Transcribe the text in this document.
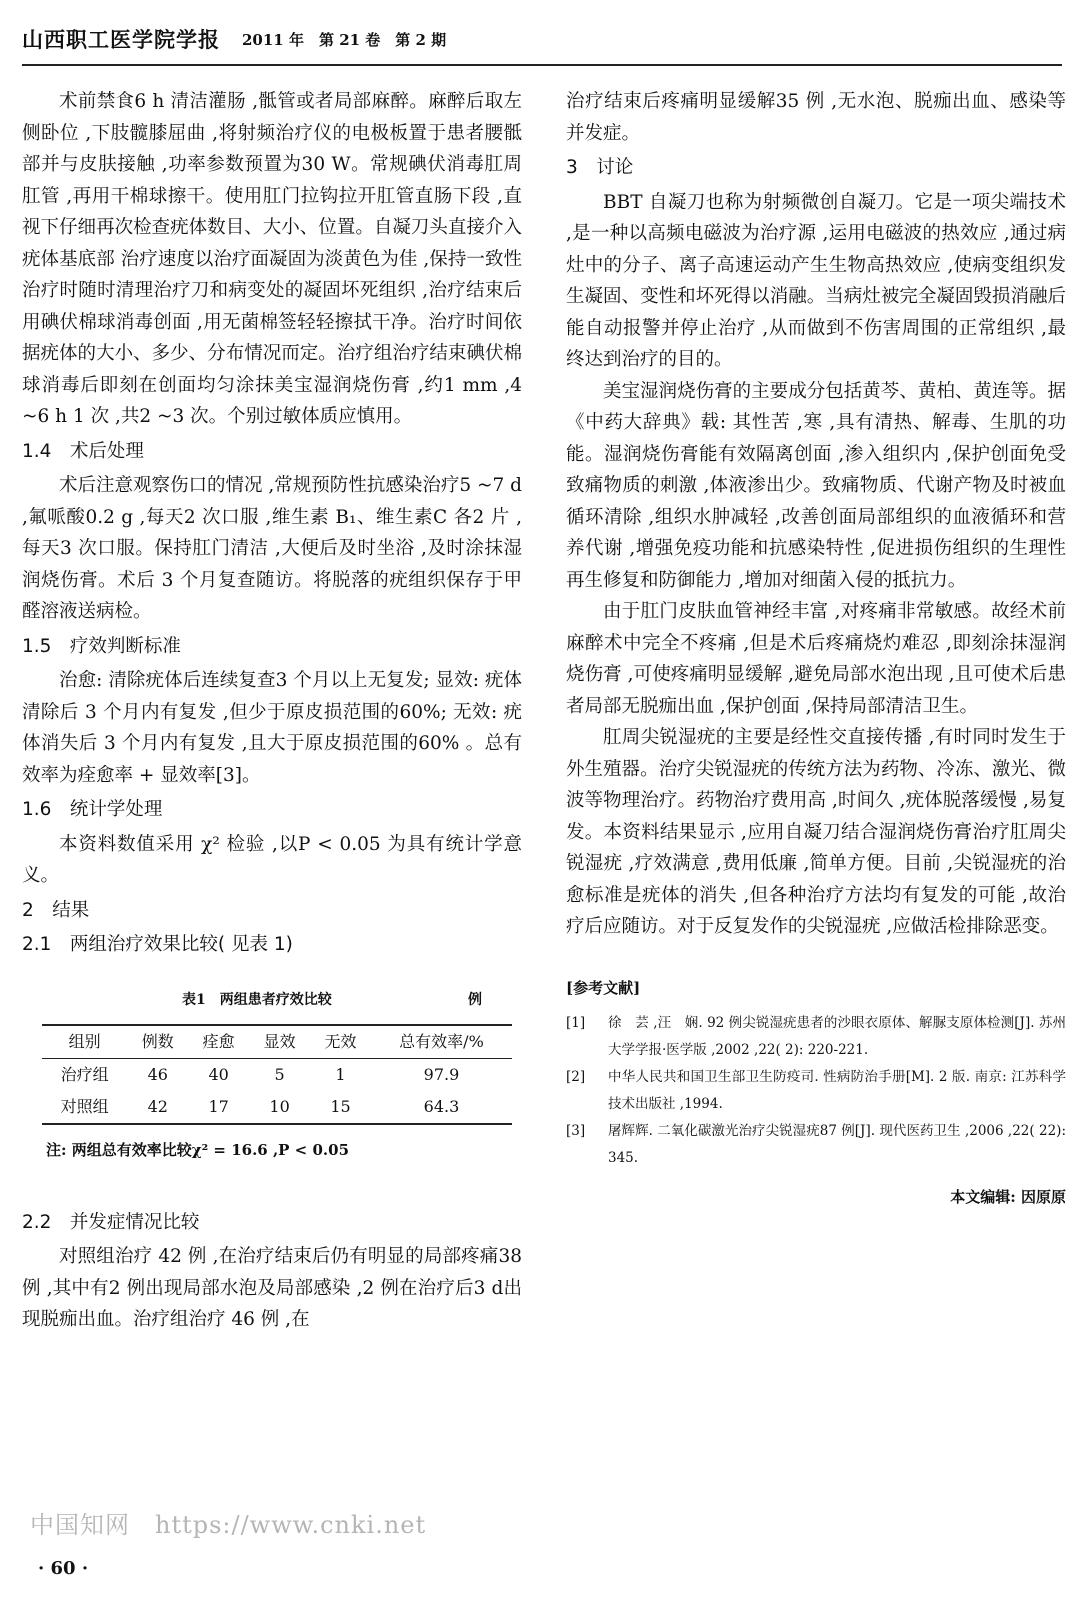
山西职工医学院学报 2011 年　第 21 卷　第 2 期

术前禁食6 h 清洁灌肠 ,骶管或者局部麻醉。麻醉后取左侧卧位 ,下肢髋膝屈曲 ,将射频治疗仪的电极板置于患者腰骶部并与皮肤接触 ,功率参数预置为30 W。常规碘伏消毒肛周肛管 ,再用干棉球擦干。使用肛门拉钩拉开肛管直肠下段 ,直视下仔细再次检查疣体数目、大小、位置。自凝刀头直接介入疣体基底部 治疗速度以治疗面凝固为淡黄色为佳 ,保持一致性 治疗时随时清理治疗刀和病变处的凝固坏死组织 ,治疗结束后用碘伏棉球消毒创面 ,用无菌棉签轻轻擦拭干净。治疗时间依据疣体的大小、多少、分布情况而定。治疗组治疗结束碘伏棉球消毒后即刻在创面均匀涂抹美宝湿润烧伤膏 ,约1 mm ,4 ~6 h 1 次 ,共2 ~3 次。个别过敏体质应慎用。

1.4　术后处理

术后注意观察伤口的情况 ,常规预防性抗感染治疗5 ~7 d ,氟哌酸0.2 g ,每天2 次口服 ,维生素 B₁、维生素C 各2 片 ,每天3 次口服。保持肛门清洁 ,大便后及时坐浴 ,及时涂抹湿润烧伤膏。术后 3 个月复查随访。将脱落的疣组织保存于甲醛溶液送病检。

1.5　疗效判断标准

治愈: 清除疣体后连续复查3 个月以上无复发; 显效: 疣体清除后 3 个月内有复发 ,但少于原皮损范围的60%; 无效: 疣体消失后 3 个月内有复发 ,且大于原皮损范围的60% 。总有效率为痊愈率 + 显效率[3]。

1.6　统计学处理

本资料数值采用 χ² 检验 ,以P < 0.05 为具有统计学意义。

2　结果
2.1　两组治疗效果比较( 见表 1)
表1　两组患者疗效比较	例
组别	例数	痊愈	显效	无效	总有效率/%
治疗组	46	40	5	1	97.9
对照组	42	17	10	15	64.3
注: 两组总有效率比较χ² = 16.6 ,P < 0.05
2.2　并发症情况比较

对照组治疗 42 例 ,在治疗结束后仍有明显的局部疼痛38 例 ,其中有2 例出现局部水泡及局部感染 ,2 例在治疗后3 d出现脱痂出血。治疗组治疗 46 例 ,在

治疗结束后疼痛明显缓解35 例 ,无水泡、脱痂出血、感染等并发症。

3　讨论

BBT 自凝刀也称为射频微创自凝刀。它是一项尖端技术 ,是一种以高频电磁波为治疗源 ,运用电磁波的热效应 ,通过病灶中的分子、离子高速运动产生生物高热效应 ,使病变组织发生凝固、变性和坏死得以消融。当病灶被完全凝固毁损消融后能自动报警并停止治疗 ,从而做到不伤害周围的正常组织 ,最终达到治疗的目的。

美宝湿润烧伤膏的主要成分包括黄芩、黄柏、黄连等。据《中药大辞典》载: 其性苦 ,寒 ,具有清热、解毒、生肌的功能。湿润烧伤膏能有效隔离创面 ,渗入组织内 ,保护创面免受致痛物质的刺激 ,体液渗出少。致痛物质、代谢产物及时被血循环清除 ,组织水肿减轻 ,改善创面局部组织的血液循环和营养代谢 ,增强免疫功能和抗感染特性 ,促进损伤组织的生理性再生修复和防御能力 ,增加对细菌入侵的抵抗力。

由于肛门皮肤血管神经丰富 ,对疼痛非常敏感。故经术前麻醉术中完全不疼痛 ,但是术后疼痛烧灼难忍 ,即刻涂抹湿润烧伤膏 ,可使疼痛明显缓解 ,避免局部水泡出现 ,且可使术后患者局部无脱痂出血 ,保护创面 ,保持局部清洁卫生。

肛周尖锐湿疣的主要是经性交直接传播 ,有时同时发生于外生殖器。治疗尖锐湿疣的传统方法为药物、冷冻、激光、微波等物理治疗。药物治疗费用高 ,时间久 ,疣体脱落缓慢 ,易复发。本资料结果显示 ,应用自凝刀结合湿润烧伤膏治疗肛周尖锐湿疣 ,疗效满意 ,费用低廉 ,简单方便。目前 ,尖锐湿疣的治愈标准是疣体的消失 ,但各种治疗方法均有复发的可能 ,故治疗后应随访。对于反复发作的尖锐湿疣 ,应做活检排除恶变。

[参考文献]
[1]	徐　芸 ,汪　娴. 92 例尖锐湿疣患者的沙眼衣原体、解脲支原体检测[J]. 苏州大学学报·医学版 ,2002 ,22( 2): 220-221.
[2]	中华人民共和国卫生部卫生防疫司. 性病防治手册[M]. 2 版. 南京: 江苏科学技术出版社 ,1994.
[3]	屠辉辉. 二氧化碳激光治疗尖锐湿疣87 例[J]. 现代医药卫生 ,2006 ,22( 22): 345.
本文编辑: 因原原
中国知网　https://www.cnki.net
· 60 ·
